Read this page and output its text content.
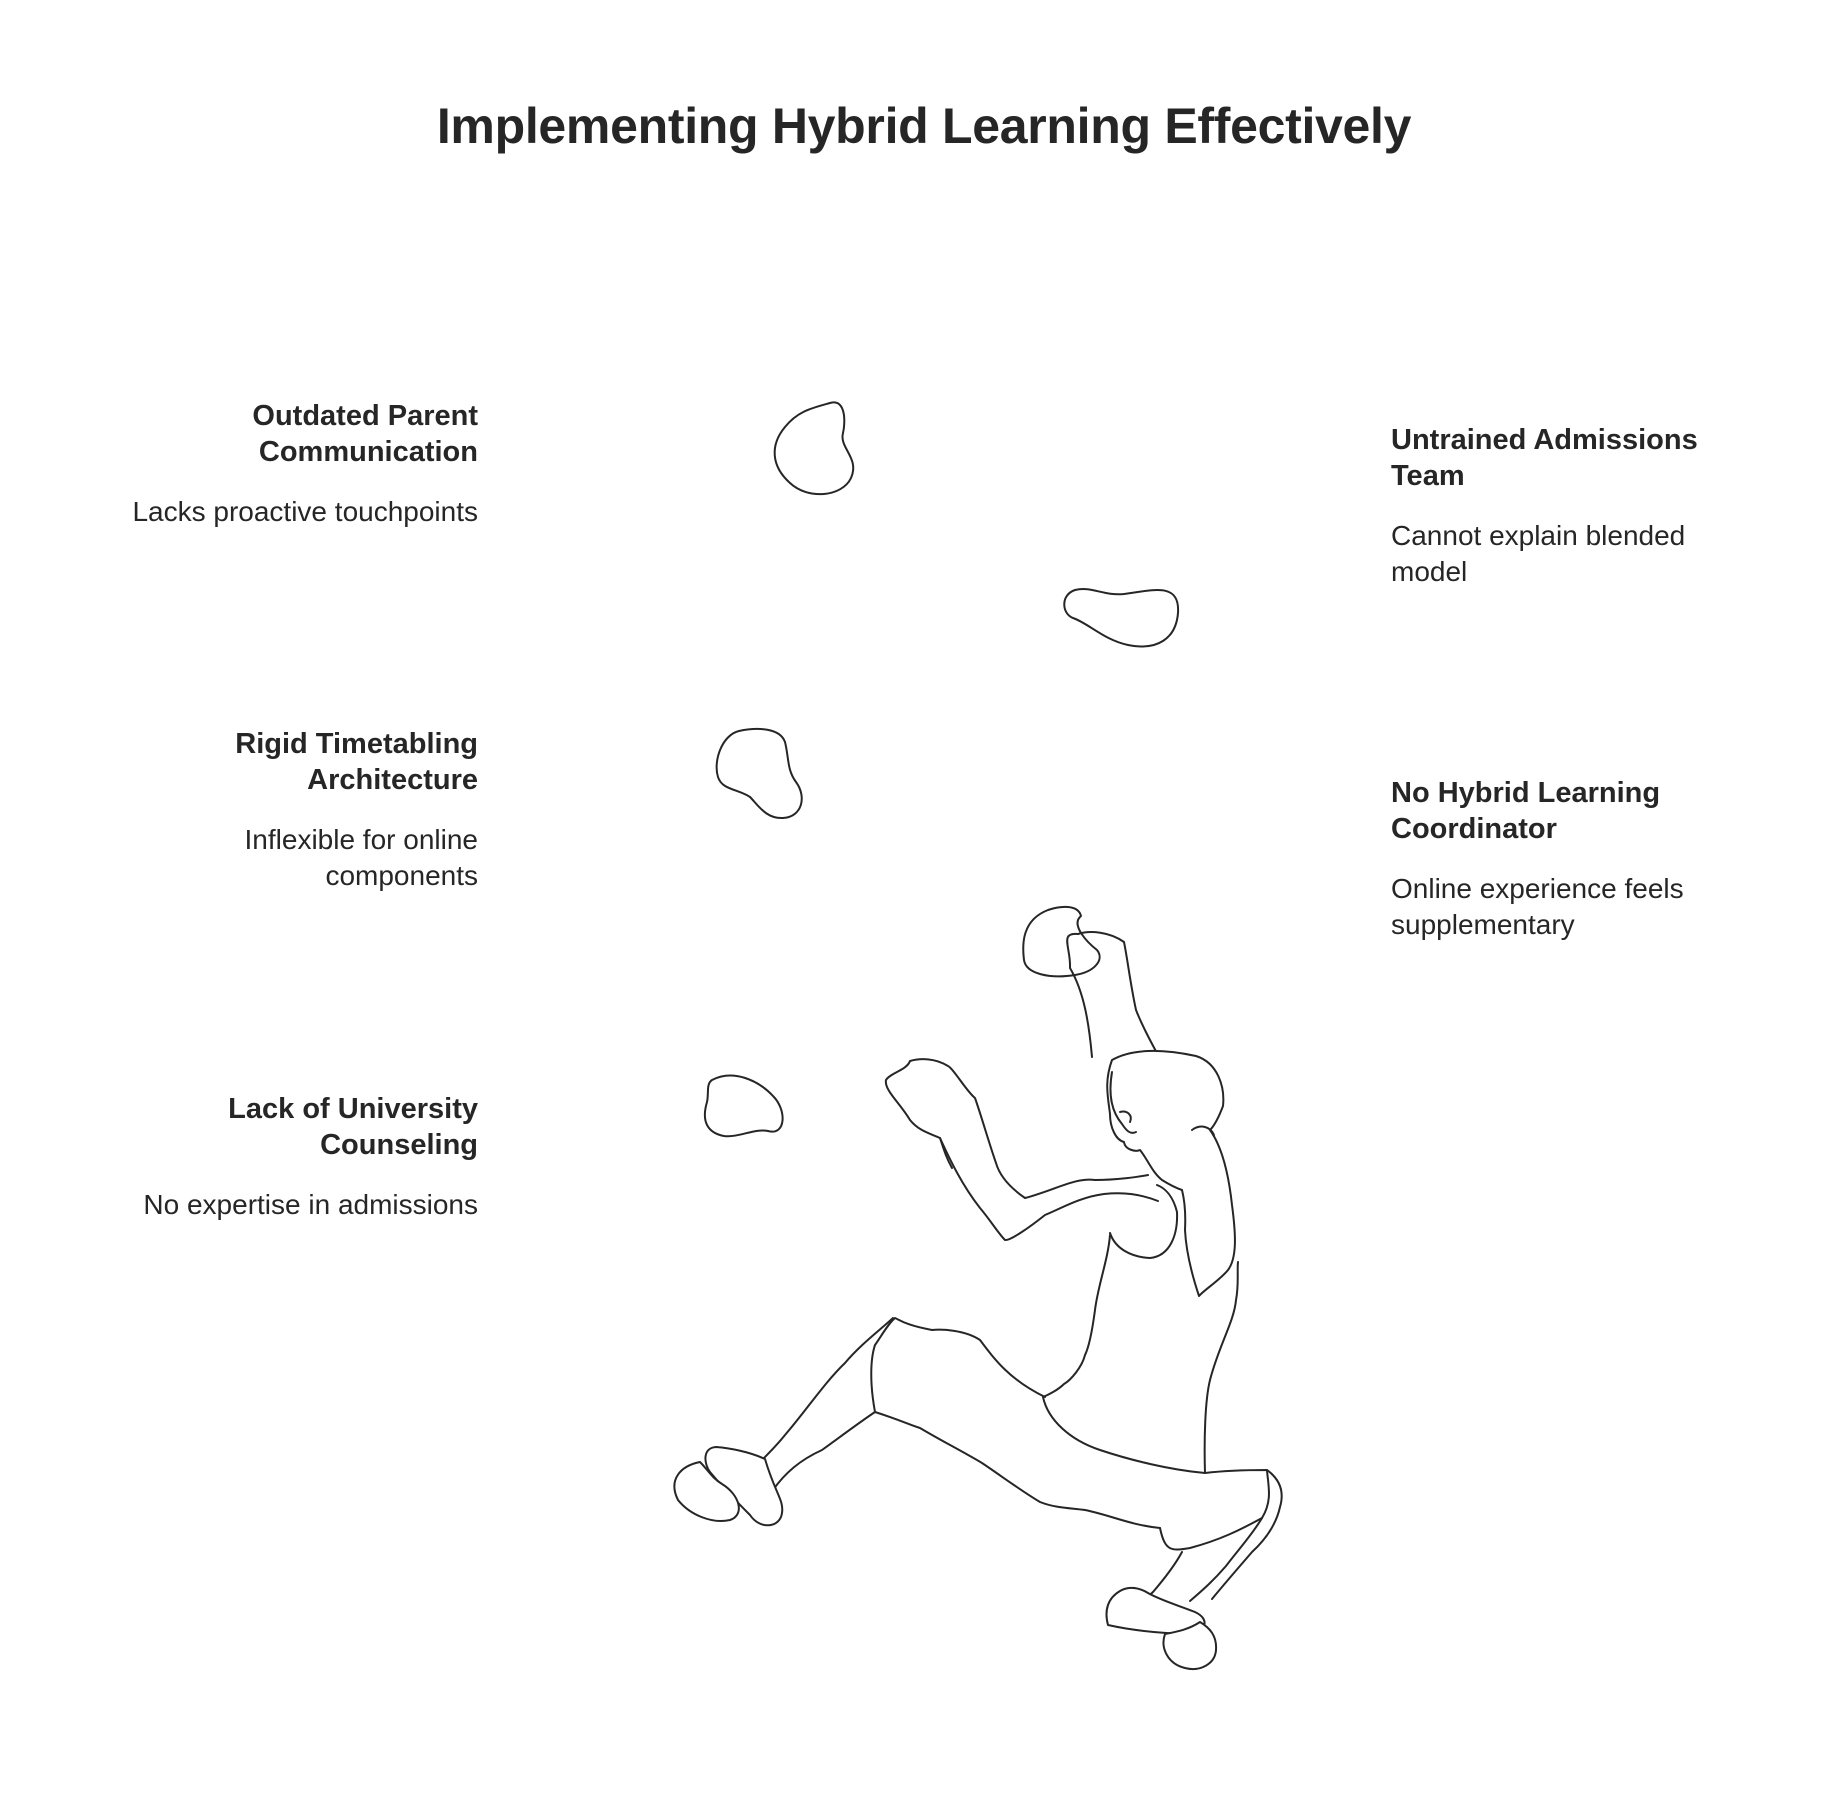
Implementing Hybrid Learning Effectively
Outdated Parent Communication

Lacks proactive touchpoints

Rigid Timetabling Architecture

Inflexible for online components

Lack of University Counseling

No expertise in admissions

Untrained Admissions Team

Cannot explain blended model

No Hybrid Learning Coordinator

Online experience feels supplementary
